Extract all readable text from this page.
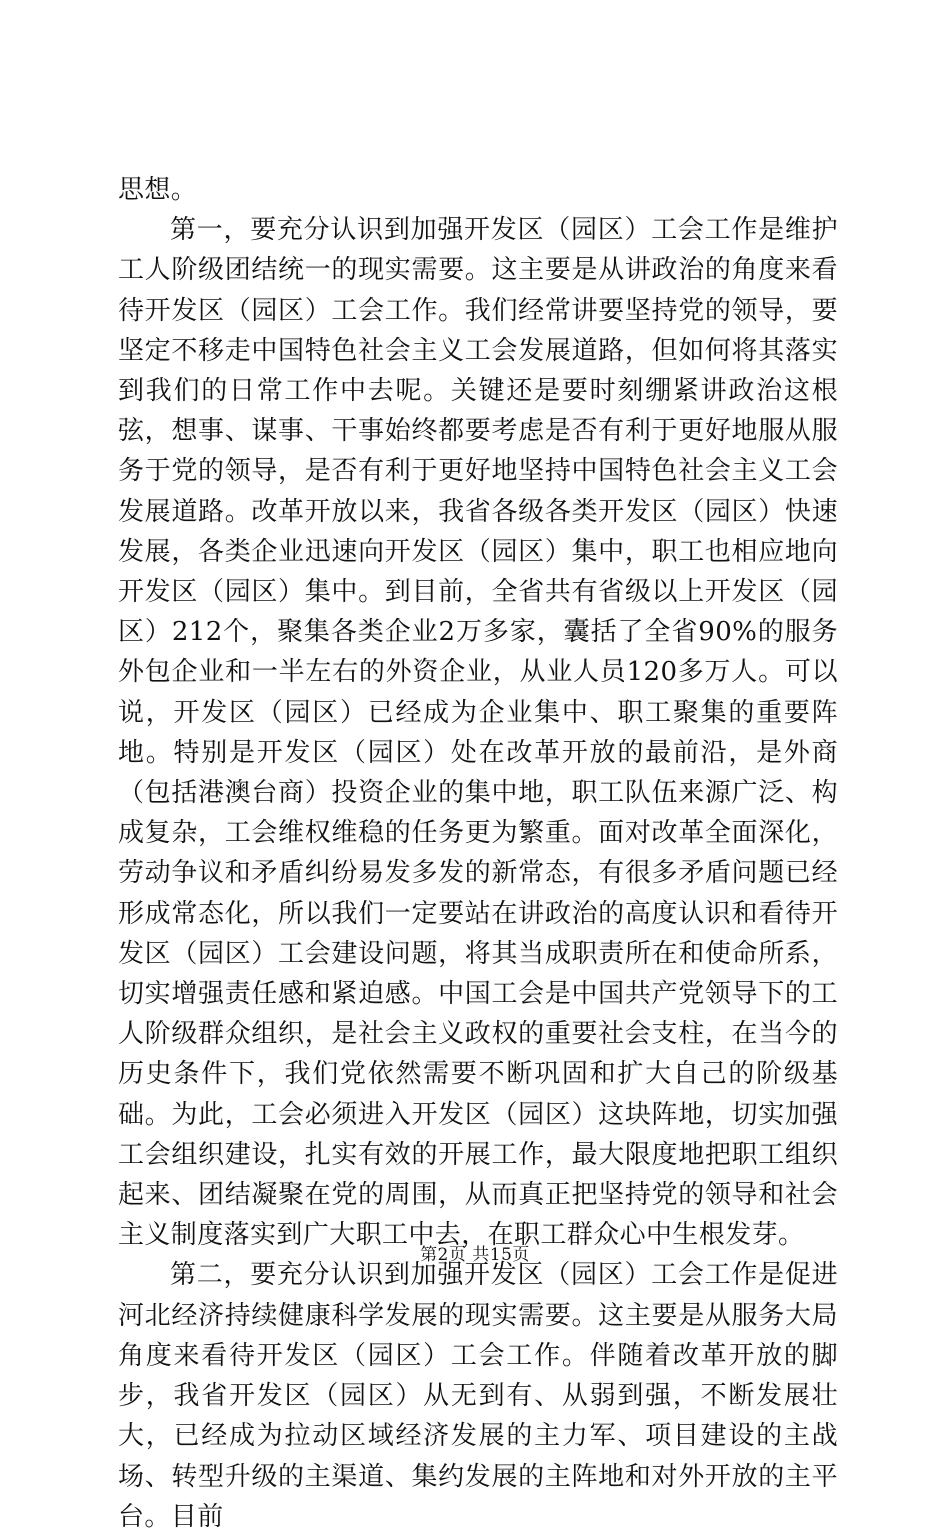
思想。

第一，要充分认识到加强开发区（园区）工会工作是维护工人阶级团结统一的现实需要。这主要是从讲政治的角度来看待开发区（园区）工会工作。我们经常讲要坚持党的领导，要坚定不移走中国特色社会主义工会发展道路，但如何将其落实到我们的日常工作中去呢。关键还是要时刻绷紧讲政治这根弦，想事、谋事、干事始终都要考虑是否有利于更好地服从服务于党的领导，是否有利于更好地坚持中国特色社会主义工会发展道路。改革开放以来，我省各级各类开发区（园区）快速发展，各类企业迅速向开发区（园区）集中，职工也相应地向开发区（园区）集中。到目前，全省共有省级以上开发区（园区）212个，聚集各类企业2万多家，囊括了全省90%的服务外包企业和一半左右的外资企业，从业人员120多万人。可以说，开发区（园区）已经成为企业集中、职工聚集的重要阵地。特别是开发区（园区）处在改革开放的最前沿，是外商（包括港澳台商）投资企业的集中地，职工队伍来源广泛、构成复杂，工会维权维稳的任务更为繁重。面对改革全面深化，劳动争议和矛盾纠纷易发多发的新常态，有很多矛盾问题已经形成常态化，所以我们一定要站在讲政治的高度认识和看待开发区（园区）工会建设问题，将其当成职责所在和使命所系，切实增强责任感和紧迫感。中国工会是中国共产党领导下的工人阶级群众组织，是社会主义政权的重要社会支柱，在当今的历史条件下，我们党依然需要不断巩固和扩大自己的阶级基础。为此，工会必须进入开发区（园区）这块阵地，切实加强工会组织建设，扎实有效的开展工作，最大限度地把职工组织起来、团结凝聚在党的周围，从而真正把坚持党的领导和社会主义制度落实到广大职工中去，在职工群众心中生根发芽。

第二，要充分认识到加强开发区（园区）工会工作是促进河北经济持续健康科学发展的现实需要。这主要是从服务大局角度来看待开发区（园区）工会工作。伴随着改革开放的脚步，我省开发区（园区）从无到有、从弱到强，不断发展壮大，已经成为拉动区域经济发展的主力军、项目建设的主战场、转型升级的主渠道、集约发展的主阵地和对外开放的主平台。目前

第2页 共15页
